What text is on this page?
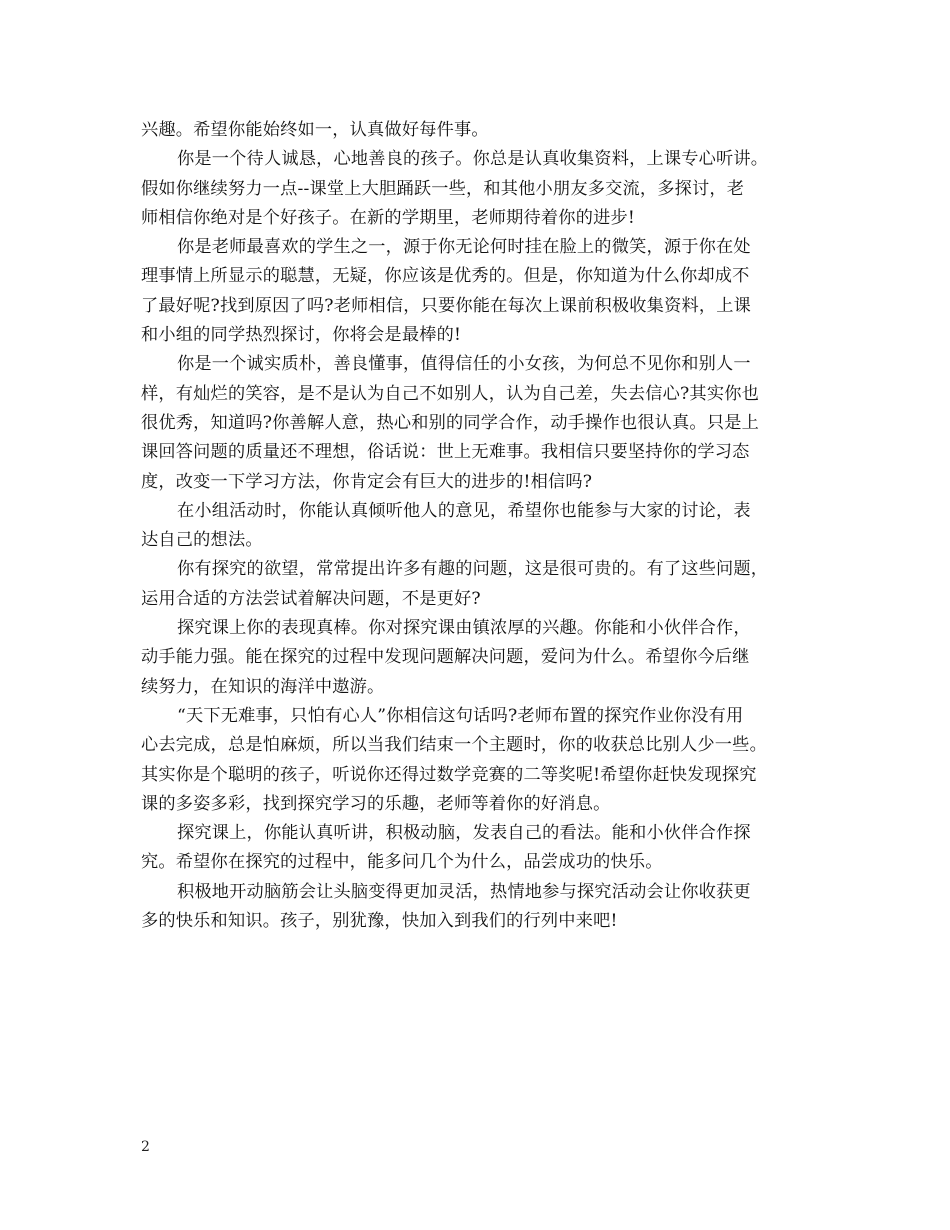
兴趣。希望你能始终如一，认真做好每件事。
你是一个待人诚恳，心地善良的孩子。你总是认真收集资料，上课专心听讲。
假如你继续努力一点--课堂上大胆踊跃一些，和其他小朋友多交流，多探讨，老
师相信你绝对是个好孩子。在新的学期里，老师期待着你的进步!
你是老师最喜欢的学生之一，源于你无论何时挂在脸上的微笑，源于你在处
理事情上所显示的聪慧，无疑，你应该是优秀的。但是，你知道为什么你却成不
了最好呢?找到原因了吗?老师相信，只要你能在每次上课前积极收集资料，上课
和小组的同学热烈探讨，你将会是最棒的!
你是一个诚实质朴，善良懂事，值得信任的小女孩，为何总不见你和别人一
样，有灿烂的笑容，是不是认为自己不如别人，认为自己差，失去信心?其实你也
很优秀，知道吗?你善解人意，热心和别的同学合作，动手操作也很认真。只是上
课回答问题的质量还不理想，俗话说：世上无难事。我相信只要坚持你的学习态
度，改变一下学习方法，你肯定会有巨大的进步的!相信吗?
在小组活动时，你能认真倾听他人的意见，希望你也能参与大家的讨论，表
达自己的想法。
你有探究的欲望，常常提出许多有趣的问题，这是很可贵的。有了这些问题，
运用合适的方法尝试着解决问题，不是更好?
探究课上你的表现真棒。你对探究课由镇浓厚的兴趣。你能和小伙伴合作，
动手能力强。能在探究的过程中发现问题解决问题，爱问为什么。希望你今后继
续努力，在知识的海洋中遨游。
“天下无难事，只怕有心人”你相信这句话吗?老师布置的探究作业你没有用
心去完成，总是怕麻烦，所以当我们结束一个主题时，你的收获总比别人少一些。
其实你是个聪明的孩子，听说你还得过数学竞赛的二等奖呢!希望你赶快发现探究
课的多姿多彩，找到探究学习的乐趣，老师等着你的好消息。
探究课上，你能认真听讲，积极动脑，发表自己的看法。能和小伙伴合作探
究。希望你在探究的过程中，能多问几个为什么，品尝成功的快乐。
积极地开动脑筋会让头脑变得更加灵活，热情地参与探究活动会让你收获更
多的快乐和知识。孩子，别犹豫，快加入到我们的行列中来吧!
2
